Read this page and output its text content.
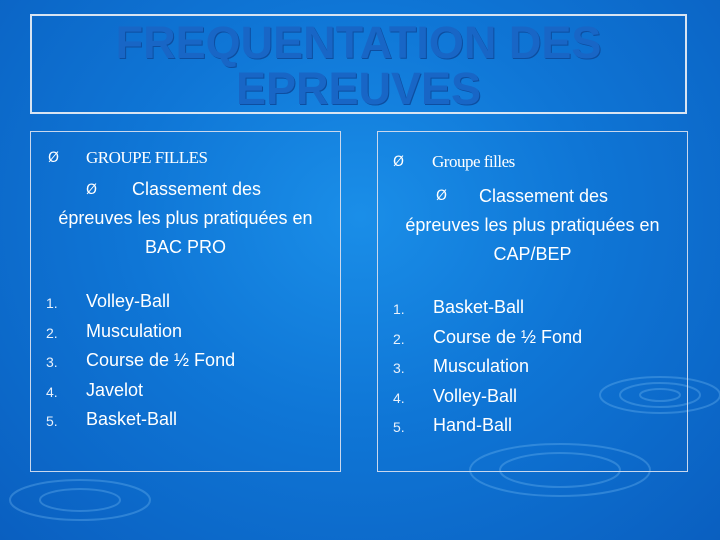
FREQUENTATION DES EPREUVES
Ø GROUPE FILLES
Ø	Classement des
épreuves les plus pratiquées en
BAC PRO
1. Volley-Ball
2. Musculation
3. Course de ½ Fond
4. Javelot
5. Basket-Ball
Ø Groupe filles
Ø	Classement des
épreuves les plus pratiquées en
CAP/BEP
1. Basket-Ball
2. Course de ½ Fond
3. Musculation
4. Volley-Ball
5. Hand-Ball
